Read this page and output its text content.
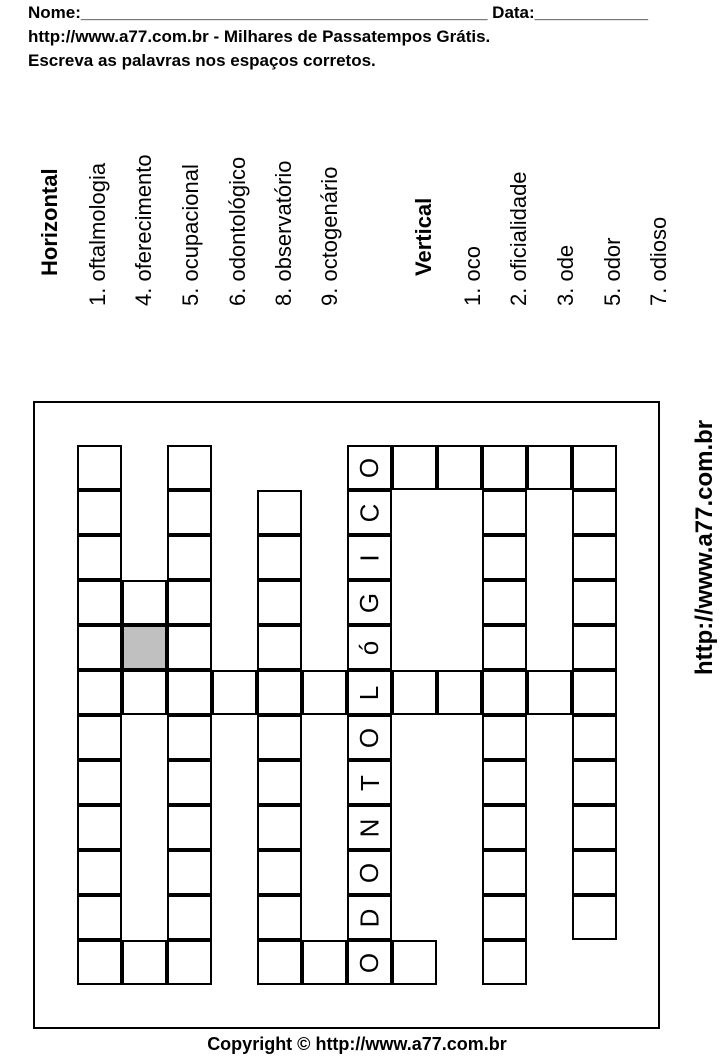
Nome:___________________________________________ Data:____________

http://www.a77.com.br - Milhares de Passatempos Grátis.

Escreva as palavras nos espaços corretos.

Horizontal 1. oftalmologia 4. oferecimento 5. ocupacional 6. odontológico 8. observatório 9. octogenário	Vertical
1. oco 2. oficialidade 3. ode 5. odor 7. odioso
O
C
I
G
ó
L
O
T
N
O
D
O
http://www.a77.com.br
Copyright © http://www.a77.com.br
